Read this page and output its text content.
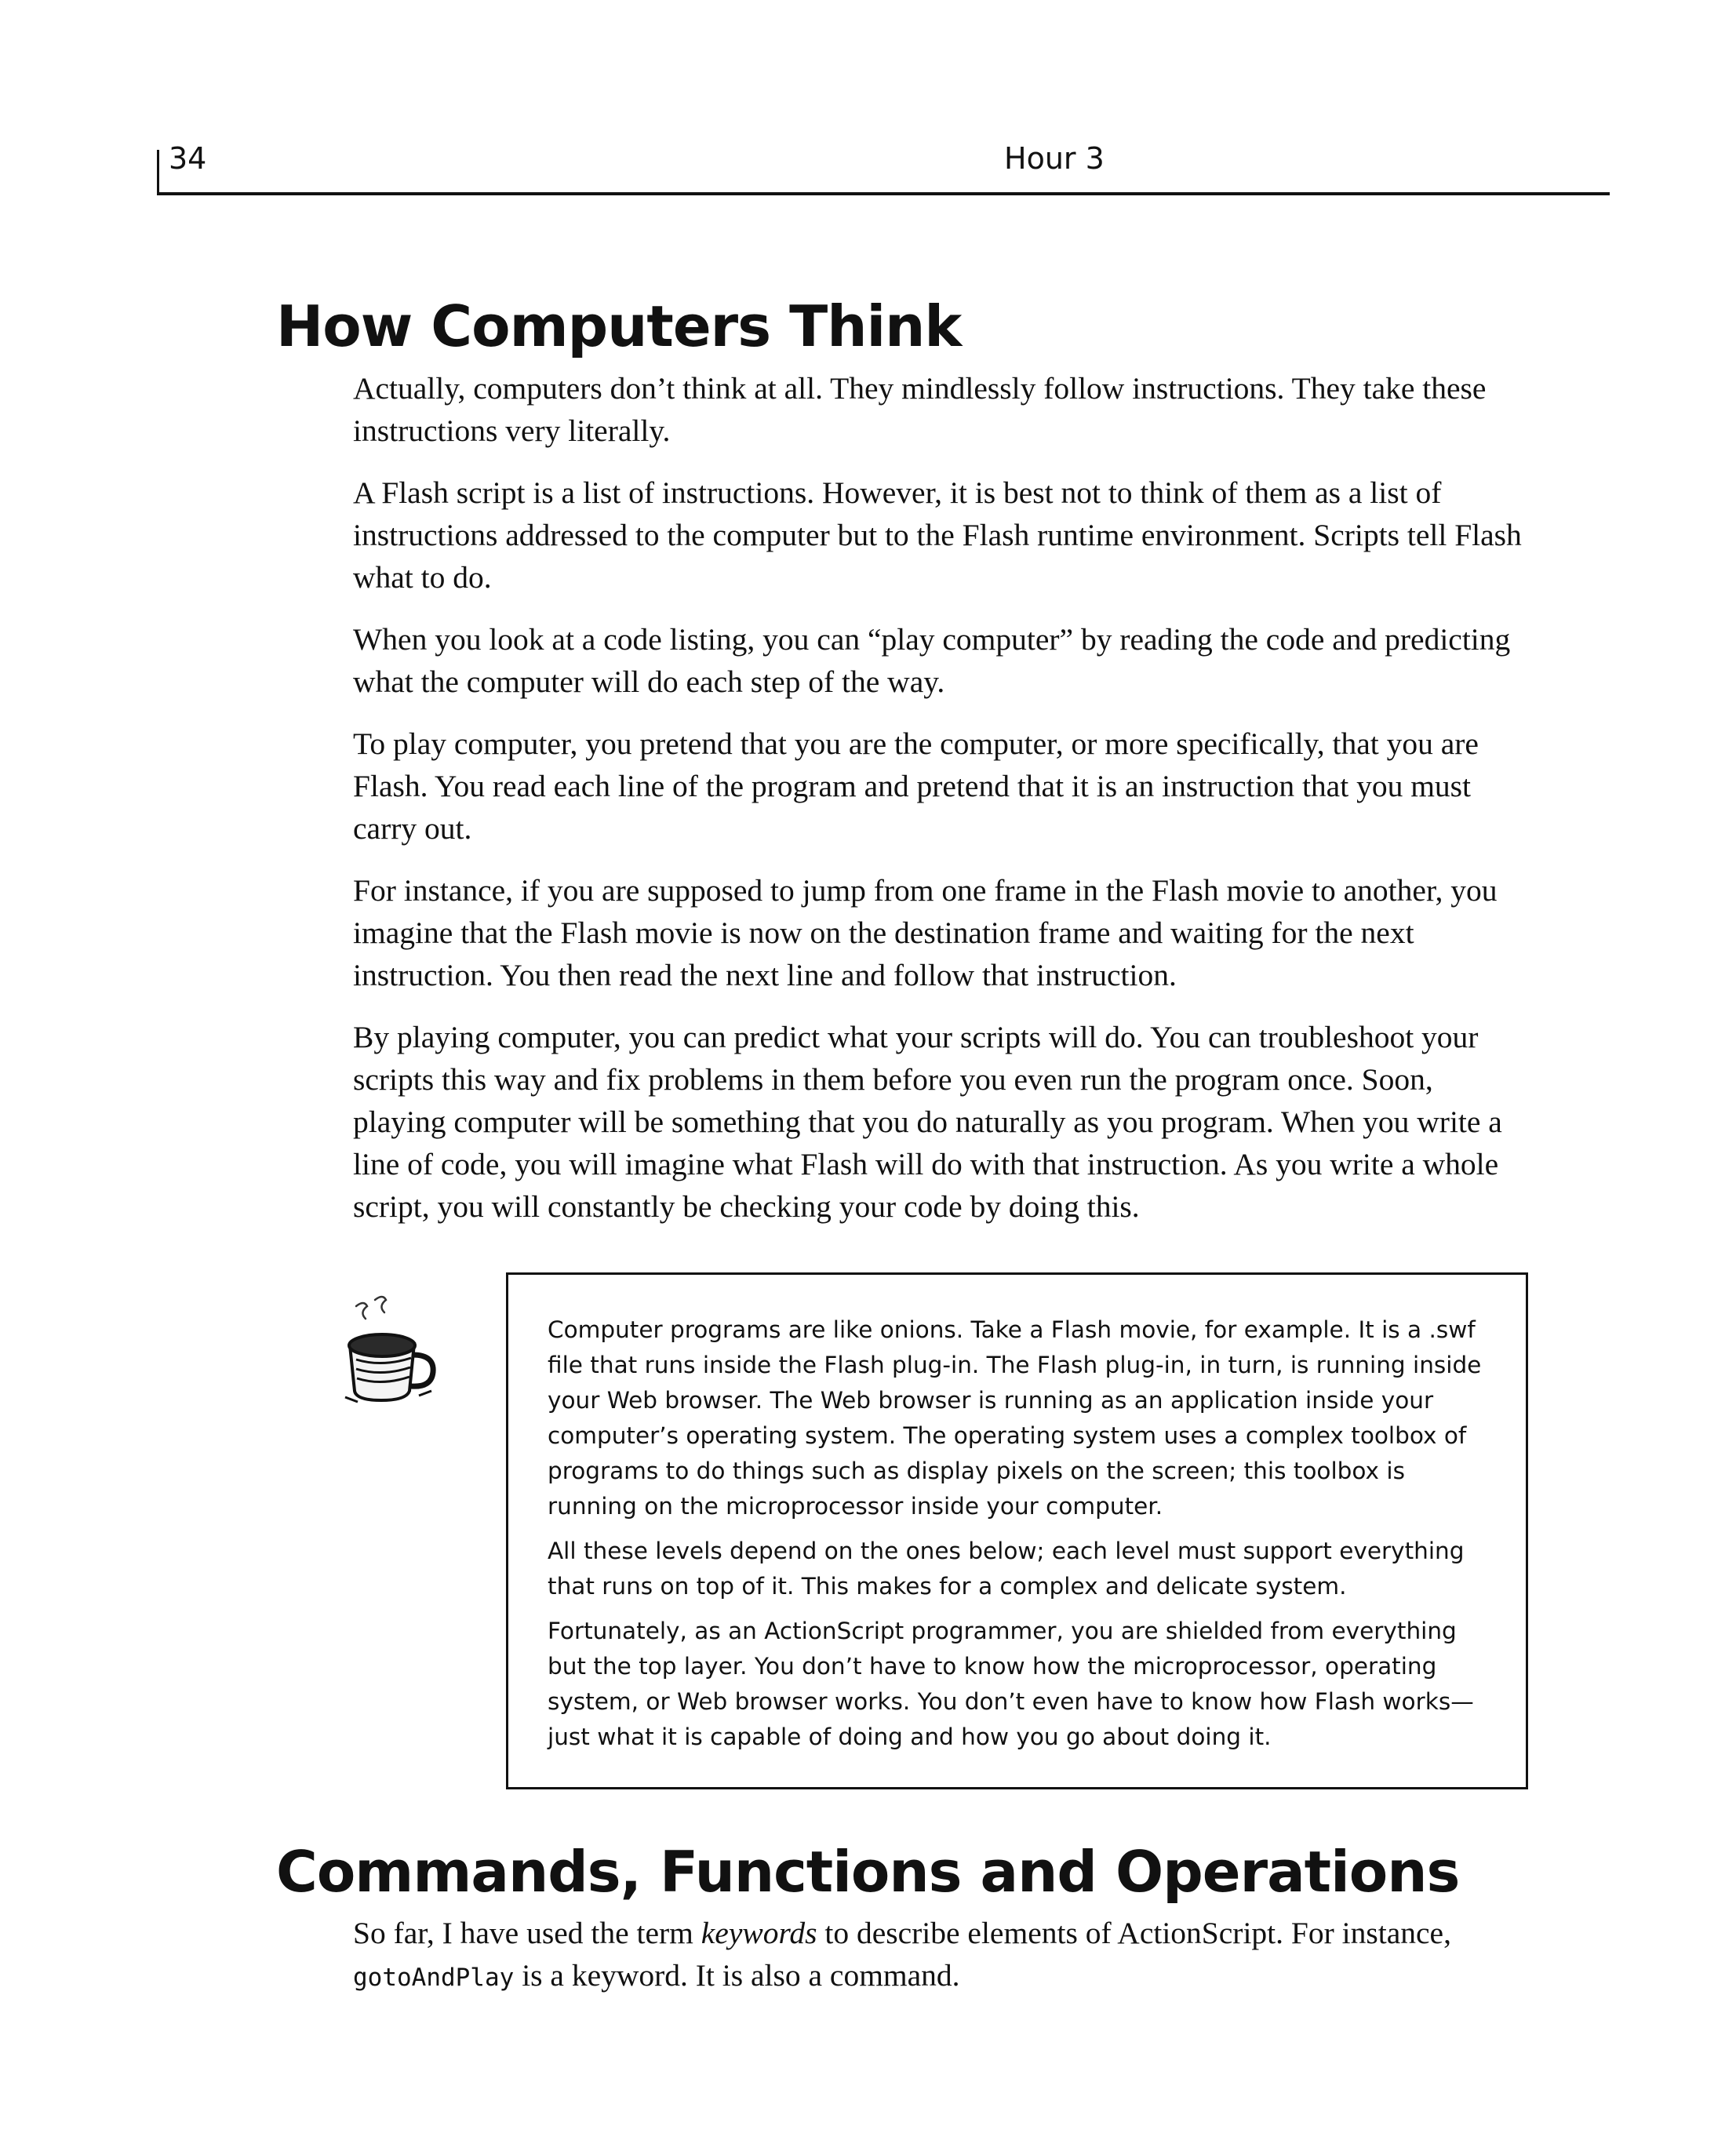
34	Hour 3
How Computers Think

Actually, computers don’t think at all. They mindlessly follow instructions. They take these instructions very literally.

A Flash script is a list of instructions. However, it is best not to think of them as a list of instructions addressed to the computer but to the Flash runtime environment. Scripts tell Flash what to do.

When you look at a code listing, you can “play computer” by reading the code and predicting what the computer will do each step of the way.

To play computer, you pretend that you are the computer, or more specifically, that you are Flash. You read each line of the program and pretend that it is an instruction that you must carry out.

For instance, if you are supposed to jump from one frame in the Flash movie to another, you imagine that the Flash movie is now on the destination frame and waiting for the next instruction. You then read the next line and follow that instruction.

By playing computer, you can predict what your scripts will do. You can troubleshoot your scripts this way and fix problems in them before you even run the program once. Soon, playing computer will be something that you do naturally as you program. When you write a line of code, you will imagine what Flash will do with that instruction. As you write a whole script, you will constantly be checking your code by doing this.

Computer programs are like onions. Take a Flash movie, for example. It is a .swf file that runs inside the Flash plug-in. The Flash plug-in, in turn, is running inside your Web browser. The Web browser is running as an application inside your computer’s operating system. The operating system uses a complex toolbox of programs to do things such as display pixels on the screen; this toolbox is running on the microprocessor inside your computer.

All these levels depend on the ones below; each level must support everything that runs on top of it. This makes for a complex and delicate system.

Fortunately, as an ActionScript programmer, you are shielded from everything but the top layer. You don’t have to know how the microprocessor, operating system, or Web browser works. You don’t even have to know how Flash works—just what it is capable of doing and how you go about doing it.

Commands, Functions and Operations

So far, I have used the term keywords to describe elements of ActionScript. For instance, gotoAndPlay is a keyword. It is also a command.
